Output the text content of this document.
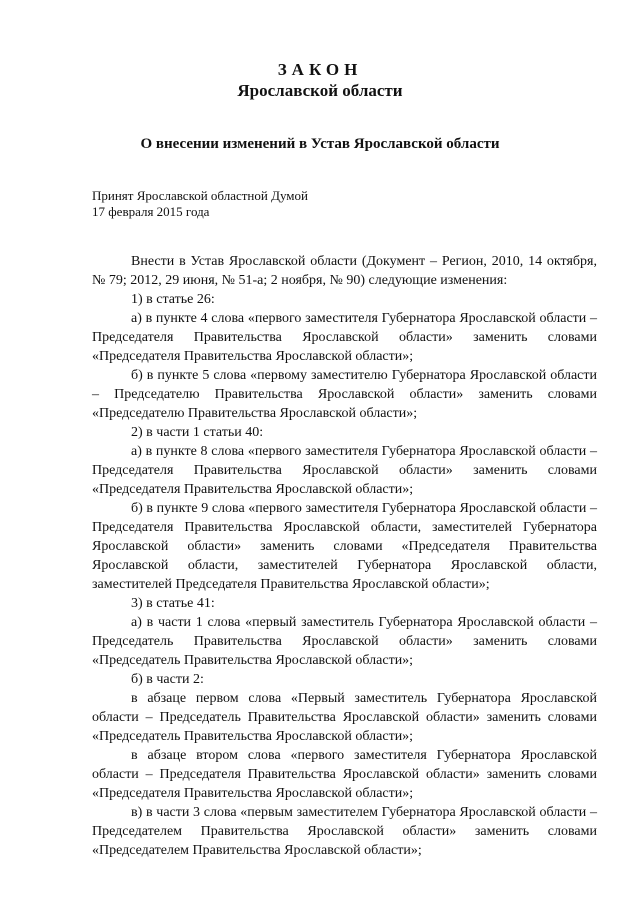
ЗАКОН
Ярославской области
О внесении изменений в Устав Ярославской области

Принят Ярославской областной Думой

17 февраля 2015 года

Внести в Устав Ярославской области (Документ – Регион, 2010, 14 октября, № 79; 2012, 29 июня, № 51-а; 2 ноября, № 90) следующие изменения:

1) в статье 26:

а) в пункте 4 слова «первого заместителя Губернатора Ярославской области – Председателя Правительства Ярославской области» заменить словами «Председателя Правительства Ярославской области»;

б) в пункте 5 слова «первому заместителю Губернатора Ярославской области – Председателю Правительства Ярославской области» заменить словами «Председателю Правительства Ярославской области»;

2) в части 1 статьи 40:

а) в пункте 8 слова «первого заместителя Губернатора Ярославской области – Председателя Правительства Ярославской области» заменить словами «Председателя Правительства Ярославской области»;

б) в пункте 9 слова «первого заместителя Губернатора Ярославской области – Председателя Правительства Ярославской области, заместителей Губернатора Ярославской области» заменить словами «Председателя Правительства Ярославской области, заместителей Губернатора Ярославской области, заместителей Председателя Правительства Ярославской области»;

3) в статье 41:

а) в части 1 слова «первый заместитель Губернатора Ярославской области – Председатель Правительства Ярославской области» заменить словами «Председатель Правительства Ярославской области»;

б) в части 2:

в абзаце первом слова «Первый заместитель Губернатора Ярославской области – Председатель Правительства Ярославской области» заменить словами «Председатель Правительства Ярославской области»;

в абзаце втором слова «первого заместителя Губернатора Ярославской области – Председателя Правительства Ярославской области» заменить словами «Председателя Правительства Ярославской области»;

в) в части 3 слова «первым заместителем Губернатора Ярославской области – Председателем Правительства Ярославской области» заменить словами «Председателем Правительства Ярославской области»;
